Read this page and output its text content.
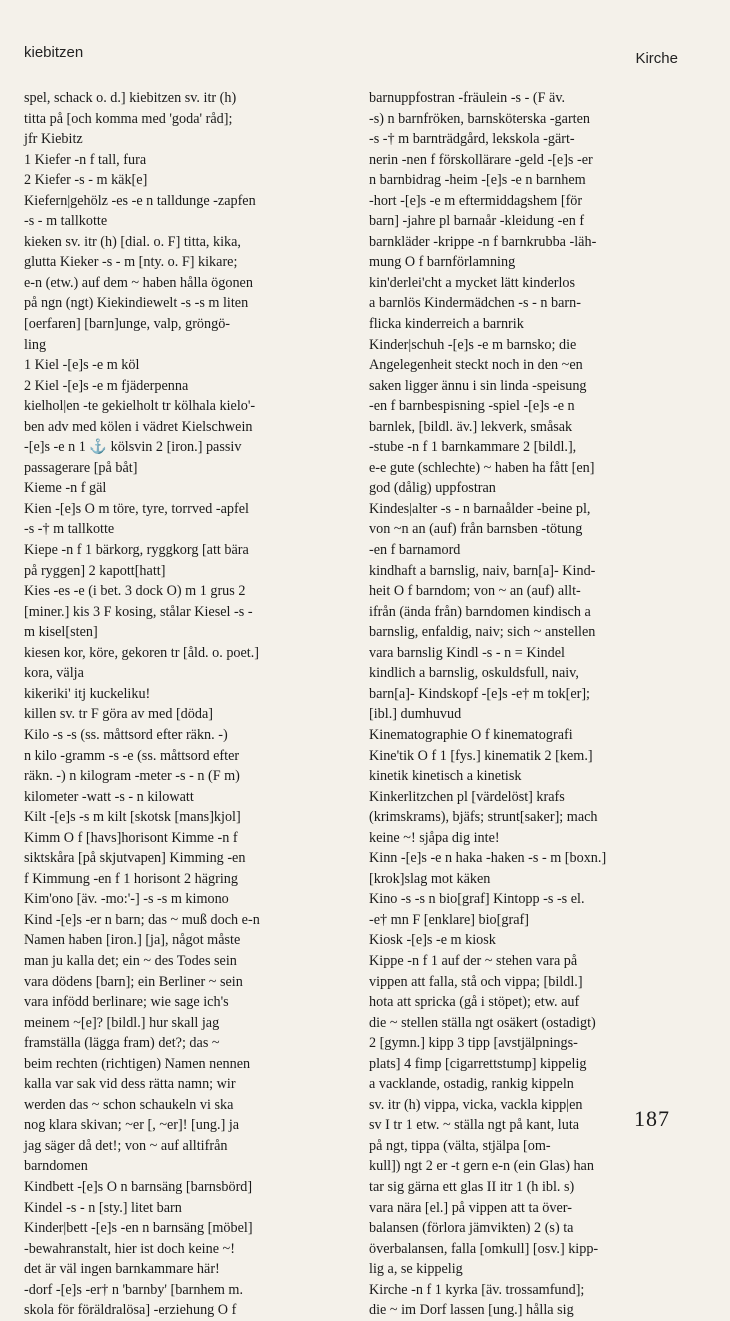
kiebitzen	Kirche
spel, schack o. d.] kiebitzen sv. itr (h)
titta på [och komma med 'goda' råd];
jfr Kiebitz
1 Kiefer -n f tall, fura
2 Kiefer -s - m käk[e]
Kiefern|gehölz -es -e n talldunge -zapfen
-s - m tallkotte
kieken sv. itr (h) [dial. o. F] titta, kika,
glutta Kieker -s - m [nty. o. F] kikare;
e-n (etw.) auf dem ~ haben hålla ögonen
på ngn (ngt) Kiekindiewelt -s -s m liten
[oerfaren] [barn]unge, valp, gröngö-
ling
1 Kiel -[e]s -e m köl
2 Kiel -[e]s -e m fjäderpenna
kielhol|en -te gekielholt tr kölhala kielo'-
ben adv med kölen i vädret Kielschwein
-[e]s -e n 1 ⚓ kölsvin 2 [iron.] passiv
passagerare [på båt]
Kieme -n f gäl
Kien -[e]s O m töre, tyre, torrved -apfel
-s -† m tallkotte
Kiepe -n f 1 bärkorg, ryggkorg [att bära
på ryggen] 2 kapott[hatt]
Kies -es -e (i bet. 3 dock O) m 1 grus 2
[miner.] kis 3 F kosing, stålar Kiesel -s -
m kisel[sten]
kiesen kor, köre, gekoren tr [åld. o. poet.]
kora, välja
kikeriki' itj kuckeliku!
killen sv. tr F göra av med [döda]
Kilo -s -s (ss. måttsord efter räkn. -)
n kilo -gramm -s -e (ss. måttsord efter
räkn. -) n kilogram -meter -s - n (F m)
kilometer -watt -s - n kilowatt
Kilt -[e]s -s m kilt [skotsk [mans]kjol]
Kimm O f [havs]horisont Kimme -n f
siktskåra [på skjutvapen] Kimming -en
f Kimmung -en f 1 horisont 2 hägring
Kim'ono [äv. -mo:'-] -s -s m kimono
Kind -[e]s -er n barn; das ~ muß doch e-n
Namen haben [iron.] [ja], något måste
man ju kalla det; ein ~ des Todes sein
vara dödens [barn]; ein Berliner ~ sein
vara infödd berlinare; wie sage ich's
meinem ~[e]? [bildl.] hur skall jag
framställa (lägga fram) det?; das ~
beim rechten (richtigen) Namen nennen
kalla var sak vid dess rätta namn; wir
werden das ~ schon schaukeln vi ska
nog klara skivan; ~er [, ~er]! [ung.] ja
jag säger då det!; von ~ auf alltifrån
barndomen
Kindbett -[e]s O n barnsäng [barnsbörd]
Kindel -s - n [sty.] litet barn
Kinder|bett -[e]s -en n barnsäng [möbel]
-bewahranstalt, hier ist doch keine ~!
det är väl ingen barnkammare här!
-dorf -[e]s -er† n 'barnby' [barnhem m.
skola för föräldralösa] -erziehung O f
barnuppfostran -fräulein -s - (F äv.
-s) n barnfröken, barnsköterska -garten
-s -† m barnträdgård, lekskola -gärt-
nerin -nen f förskollärare -geld -[e]s -er
n barnbidrag -heim -[e]s -e n barnhem
-hort -[e]s -e m eftermiddagshem [för
barn] -jahre pl barnaår -kleidung -en f
barnkläder -krippe -n f barnkrubba -läh-
mung O f barnförlamning
kin'derlei'cht a mycket lätt kinderlos
a barnlös Kindermädchen -s - n barn-
flicka kinderreich a barnrik
Kinder|schuh -[e]s -e m barnsko; die
Angelegenheit steckt noch in den ~en
saken ligger ännu i sin linda -speisung
-en f barnbespisning -spiel -[e]s -e n
barnlek, [bildl. äv.] lekverk, småsak
-stube -n f 1 barnkammare 2 [bildl.],
e-e gute (schlechte) ~ haben ha fått [en]
god (dålig) uppfostran
Kindes|alter -s - n barnaålder -beine pl,
von ~n an (auf) från barnsben -tötung
-en f barnamord
kindhaft a barnslig, naiv, barn[a]- Kind-
heit O f barndom; von ~ an (auf) allt-
ifrån (ända från) barndomen kindisch a
barnslig, enfaldig, naiv; sich ~ anstellen
vara barnslig Kindl -s - n = Kindel
kindlich a barnslig, oskuldsfull, naiv,
barn[a]- Kindskopf -[e]s -e† m tok[er];
[ibl.] dumhuvud
Kinematographie O f kinematografi
Kine'tik O f 1 [fys.] kinematik 2 [kem.]
kinetik kinetisch a kinetisk
Kinkerlitzchen pl [värdelöst] krafs
(krimskrams), bjäfs; strunt[saker]; mach
keine ~! sjåpa dig inte!
Kinn -[e]s -e n haka -haken -s - m [boxn.]
[krok]slag mot käken
Kino -s -s n bio[graf] Kintopp -s -s el.
-e† mn F [enklare] bio[graf]
Kiosk -[e]s -e m kiosk
Kippe -n f 1 auf der ~ stehen vara på
vippen att falla, stå och vippa; [bildl.]
hota att spricka (gå i stöpet); etw. auf
die ~ stellen ställa ngt osäkert (ostadigt)
2 [gymn.] kipp 3 tipp [avstjälpnings-
plats] 4 fimp [cigarrettstump] kippelig
a vacklande, ostadig, rankig kippeln
sv. itr (h) vippa, vicka, vackla kipp|en
sv I tr 1 etw. ~ ställa ngt på kant, luta
på ngt, tippa (välta, stjälpa [om-
kull]) ngt 2 er -t gern e-n (ein Glas) han
tar sig gärna ett glas II itr 1 (h ibl. s)
vara nära [el.] på vippen att ta över-
balansen (förlora jämvikten) 2 (s) ta
överbalansen, falla [omkull] [osv.] kipp-
lig a, se kippelig
Kirche -n f 1 kyrka [äv. trossamfund];
die ~ im Dorf lassen [ung.] hålla sig
187
